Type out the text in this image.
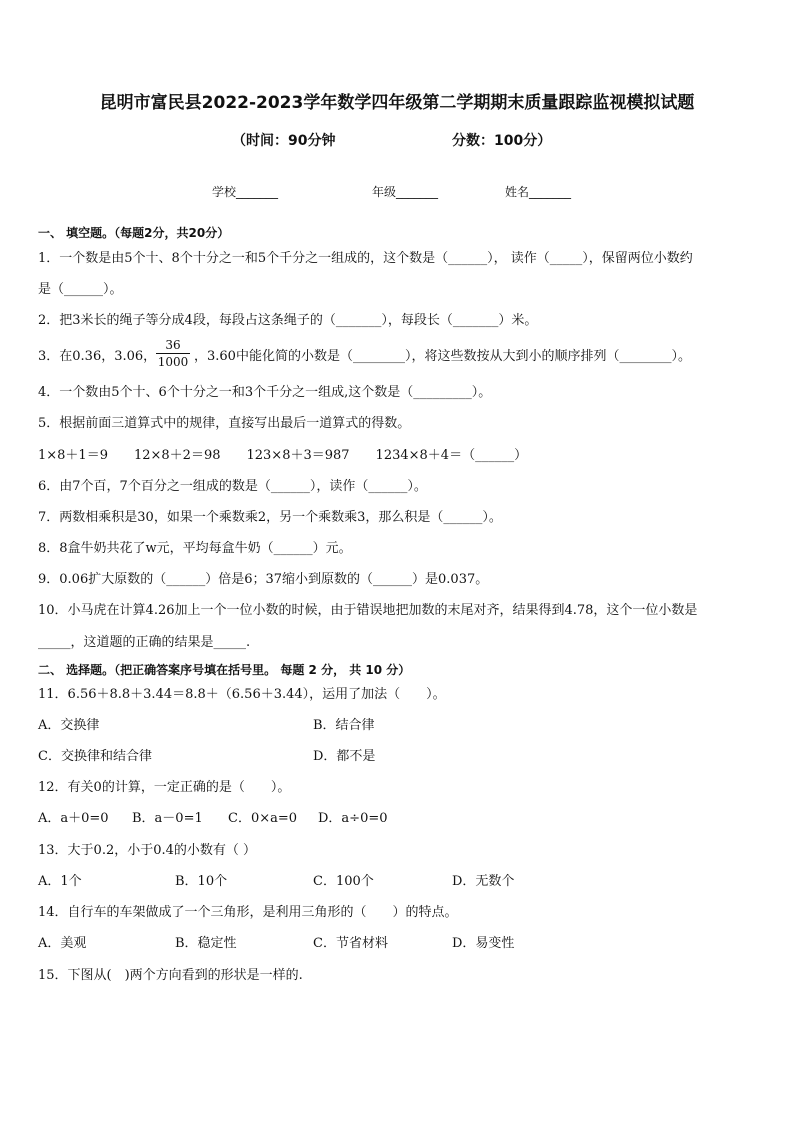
昆明市富民县2022-2023学年数学四年级第二学期期末质量跟踪监视模拟试题
（时间：90分钟	分数：100分）
学校_______	年级_______	姓名_______
一、 填空题。（每题2分，共20分）
1．一个数是由5个十、8个十分之一和5个千分之一组成的，这个数是（______）， 读作（_____），保留两位小数约
是（______）。
2．把3米长的绳子等分成4段，每段占这条绳子的（_______），每段长（_______）米。
3．在0.36，3.06， $\frac{36}{1000}$ ，3.60中能化简的小数是（________），将这些数按从大到小的顺序排列（________）。
4．一个数由5个十、6个十分之一和3个千分之一组成,这个数是（_________）。
5．根据前面三道算式中的规律，直接写出最后一道算式的得数。
1×8＋1＝9　　12×8＋2＝98　　123×8＋3＝987　　1234×8＋4＝（______）
6．由7个百，7个百分之一组成的数是（______），读作（______）。
7．两数相乘积是30，如果一个乘数乘2，另一个乘数乘3，那么积是（______）。
8．8盒牛奶共花了w元，平均每盒牛奶（______）元。
9．0.06扩大原数的（______）倍是6；37缩小到原数的（______）是0.037。
10．小马虎在计算4.26加上一个一位小数的时候，由于错误地把加数的末尾对齐，结果得到4.78，这个一位小数是
_____，这道题的正确的结果是_____.
二、 选择题。（把正确答案序号填在括号里。 每题 2 分， 共 10 分）
11．6.56＋8.8＋3.44＝8.8＋（6.56＋3.44），运用了加法（　　）。
A．交换律	B．结合律
C．交换律和结合律	D．都不是
12．有关0的计算，一定正确的是（　　）。
A．a＋0=0 B．a－0=1 C．0×a=0 D．a÷0=0
13．大于0.2，小于0.4的小数有（ ）
A．1个	B．10个	C．100个	D．无数个
14．自行车的车架做成了一个三角形，是利用三角形的（　　）的特点。
A．美观	B．稳定性	C．节省材料	D．易变性
15．下图从(　)两个方向看到的形状是一样的.
